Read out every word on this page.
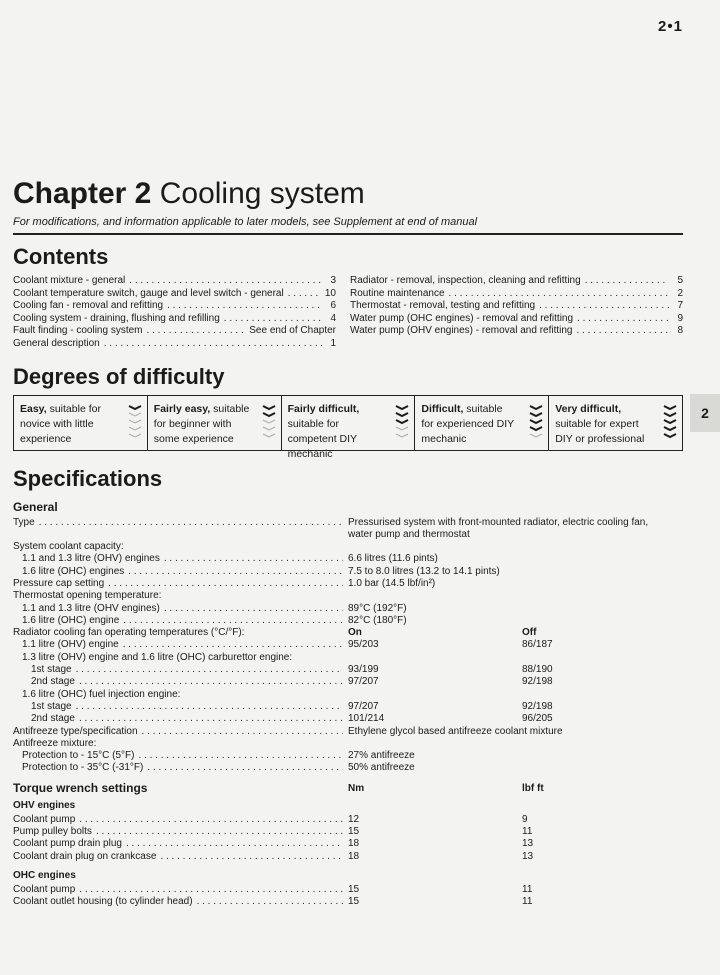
2•1
Chapter 2 Cooling system
For modifications, and information applicable to later models, see Supplement at end of manual
Contents
Coolant mixture - general . . .	3
Coolant temperature switch, gauge and level switch - general . . .	10
Cooling fan - removal and refitting . . .	6
Cooling system - draining, flushing and refilling . . .	4
Fault finding - cooling system . . .	See end of Chapter
General description . . .	1
Radiator - removal, inspection, cleaning and refitting . . .	5
Routine maintenance . . .	2
Thermostat - removal, testing and refitting . . .	7
Water pump (OHC engines) - removal and refitting . . .	9
Water pump (OHV engines) - removal and refitting . . .	8
Degrees of difficulty
Easy, suitable for novice with little experience
Fairly easy, suitable for beginner with some experience
Fairly difficult, suitable for competent DIY mechanic
Difficult, suitable for experienced DIY mechanic
Very difficult, suitable for expert DIY or professional
2
Specifications
General
Type . . .	Pressurised system with front-mounted radiator, electric cooling fan,
water pump and thermostat
System coolant capacity:
1.1 and 1.3 litre (OHV) engines . . .	6.6 litres (11.6 pints)
1.6 litre (OHC) engines . . .	7.5 to 8.0 litres (13.2 to 14.1 pints)
Pressure cap setting . . .	1.0 bar (14.5 lbf/in²)
Thermostat opening temperature:
1.1 and 1.3 litre (OHV engines) . . .	89°C (192°F)
1.6 litre (OHC) engine . . .	82°C (180°F)
Radiator cooling fan operating temperatures (°C/°F):	On	Off
1.1 litre (OHV) engine . . .	95/203	86/187
1.3 litre (OHV) engine and 1.6 litre (OHC) carburettor engine:
1st stage . . .	93/199	88/190
2nd stage . . .	97/207	92/198
1.6 litre (OHC) fuel injection engine:
1st stage . . .	97/207	92/198
2nd stage . . .	101/214	96/205
Antifreeze type/specification . . .	Ethylene glycol based antifreeze coolant mixture
Antifreeze mixture:
Protection to - 15°C (5°F) . . .	27% antifreeze
Protection to - 35°C (-31°F) . . .	50% antifreeze
Torque wrench settings	Nm	lbf ft
OHV engines
Coolant pump . . .	12	9
Pump pulley bolts . . .	15	11
Coolant pump drain plug . . .	18	13
Coolant drain plug on crankcase . . .	18	13
OHC engines
Coolant pump . . .	15	11
Coolant outlet housing (to cylinder head) . . .	15	11
